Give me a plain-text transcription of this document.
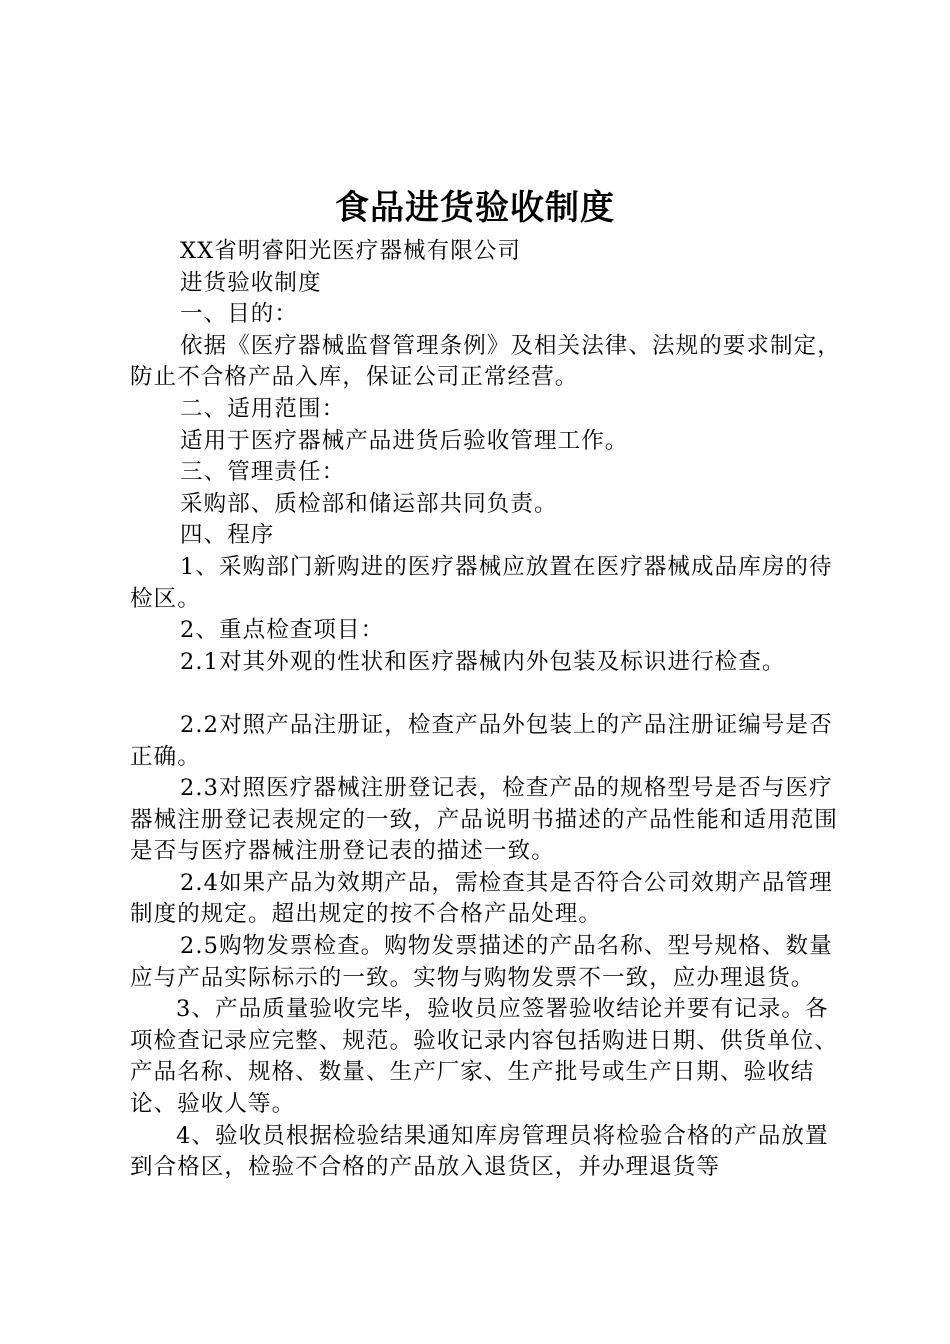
食品进货验收制度

XX省明睿阳光医疗器械有限公司

进货验收制度

一、目的：

依据《医疗器械监督管理条例》及相关法律、法规的要求制定，防止不合格产品入库，保证公司正常经营。

二、适用范围：

适用于医疗器械产品进货后验收管理工作。

三、管理责任：

采购部、质检部和储运部共同负责。

四、程序

1、采购部门新购进的医疗器械应放置在医疗器械成品库房的待检区。

2、重点检查项目：

2.1对其外观的性状和医疗器械内外包装及标识进行检查。

2.2对照产品注册证，检查产品外包装上的产品注册证编号是否正确。

2.3对照医疗器械注册登记表，检查产品的规格型号是否与医疗器械注册登记表规定的一致，产品说明书描述的产品性能和适用范围是否与医疗器械注册登记表的描述一致。

2.4如果产品为效期产品，需检查其是否符合公司效期产品管理制度的规定。超出规定的按不合格产品处理。

2.5购物发票检查。购物发票描述的产品名称、型号规格、数量应与产品实际标示的一致。实物与购物发票不一致，应办理退货。

3、产品质量验收完毕，验收员应签署验收结论并要有记录。各项检查记录应完整、规范。验收记录内容包括购进日期、供货单位、产品名称、规格、数量、生产厂家、生产批号或生产日期、验收结论、验收人等。

4、验收员根据检验结果通知库房管理员将检验合格的产品放置到合格区，检验不合格的产品放入退货区，并办理退货等
